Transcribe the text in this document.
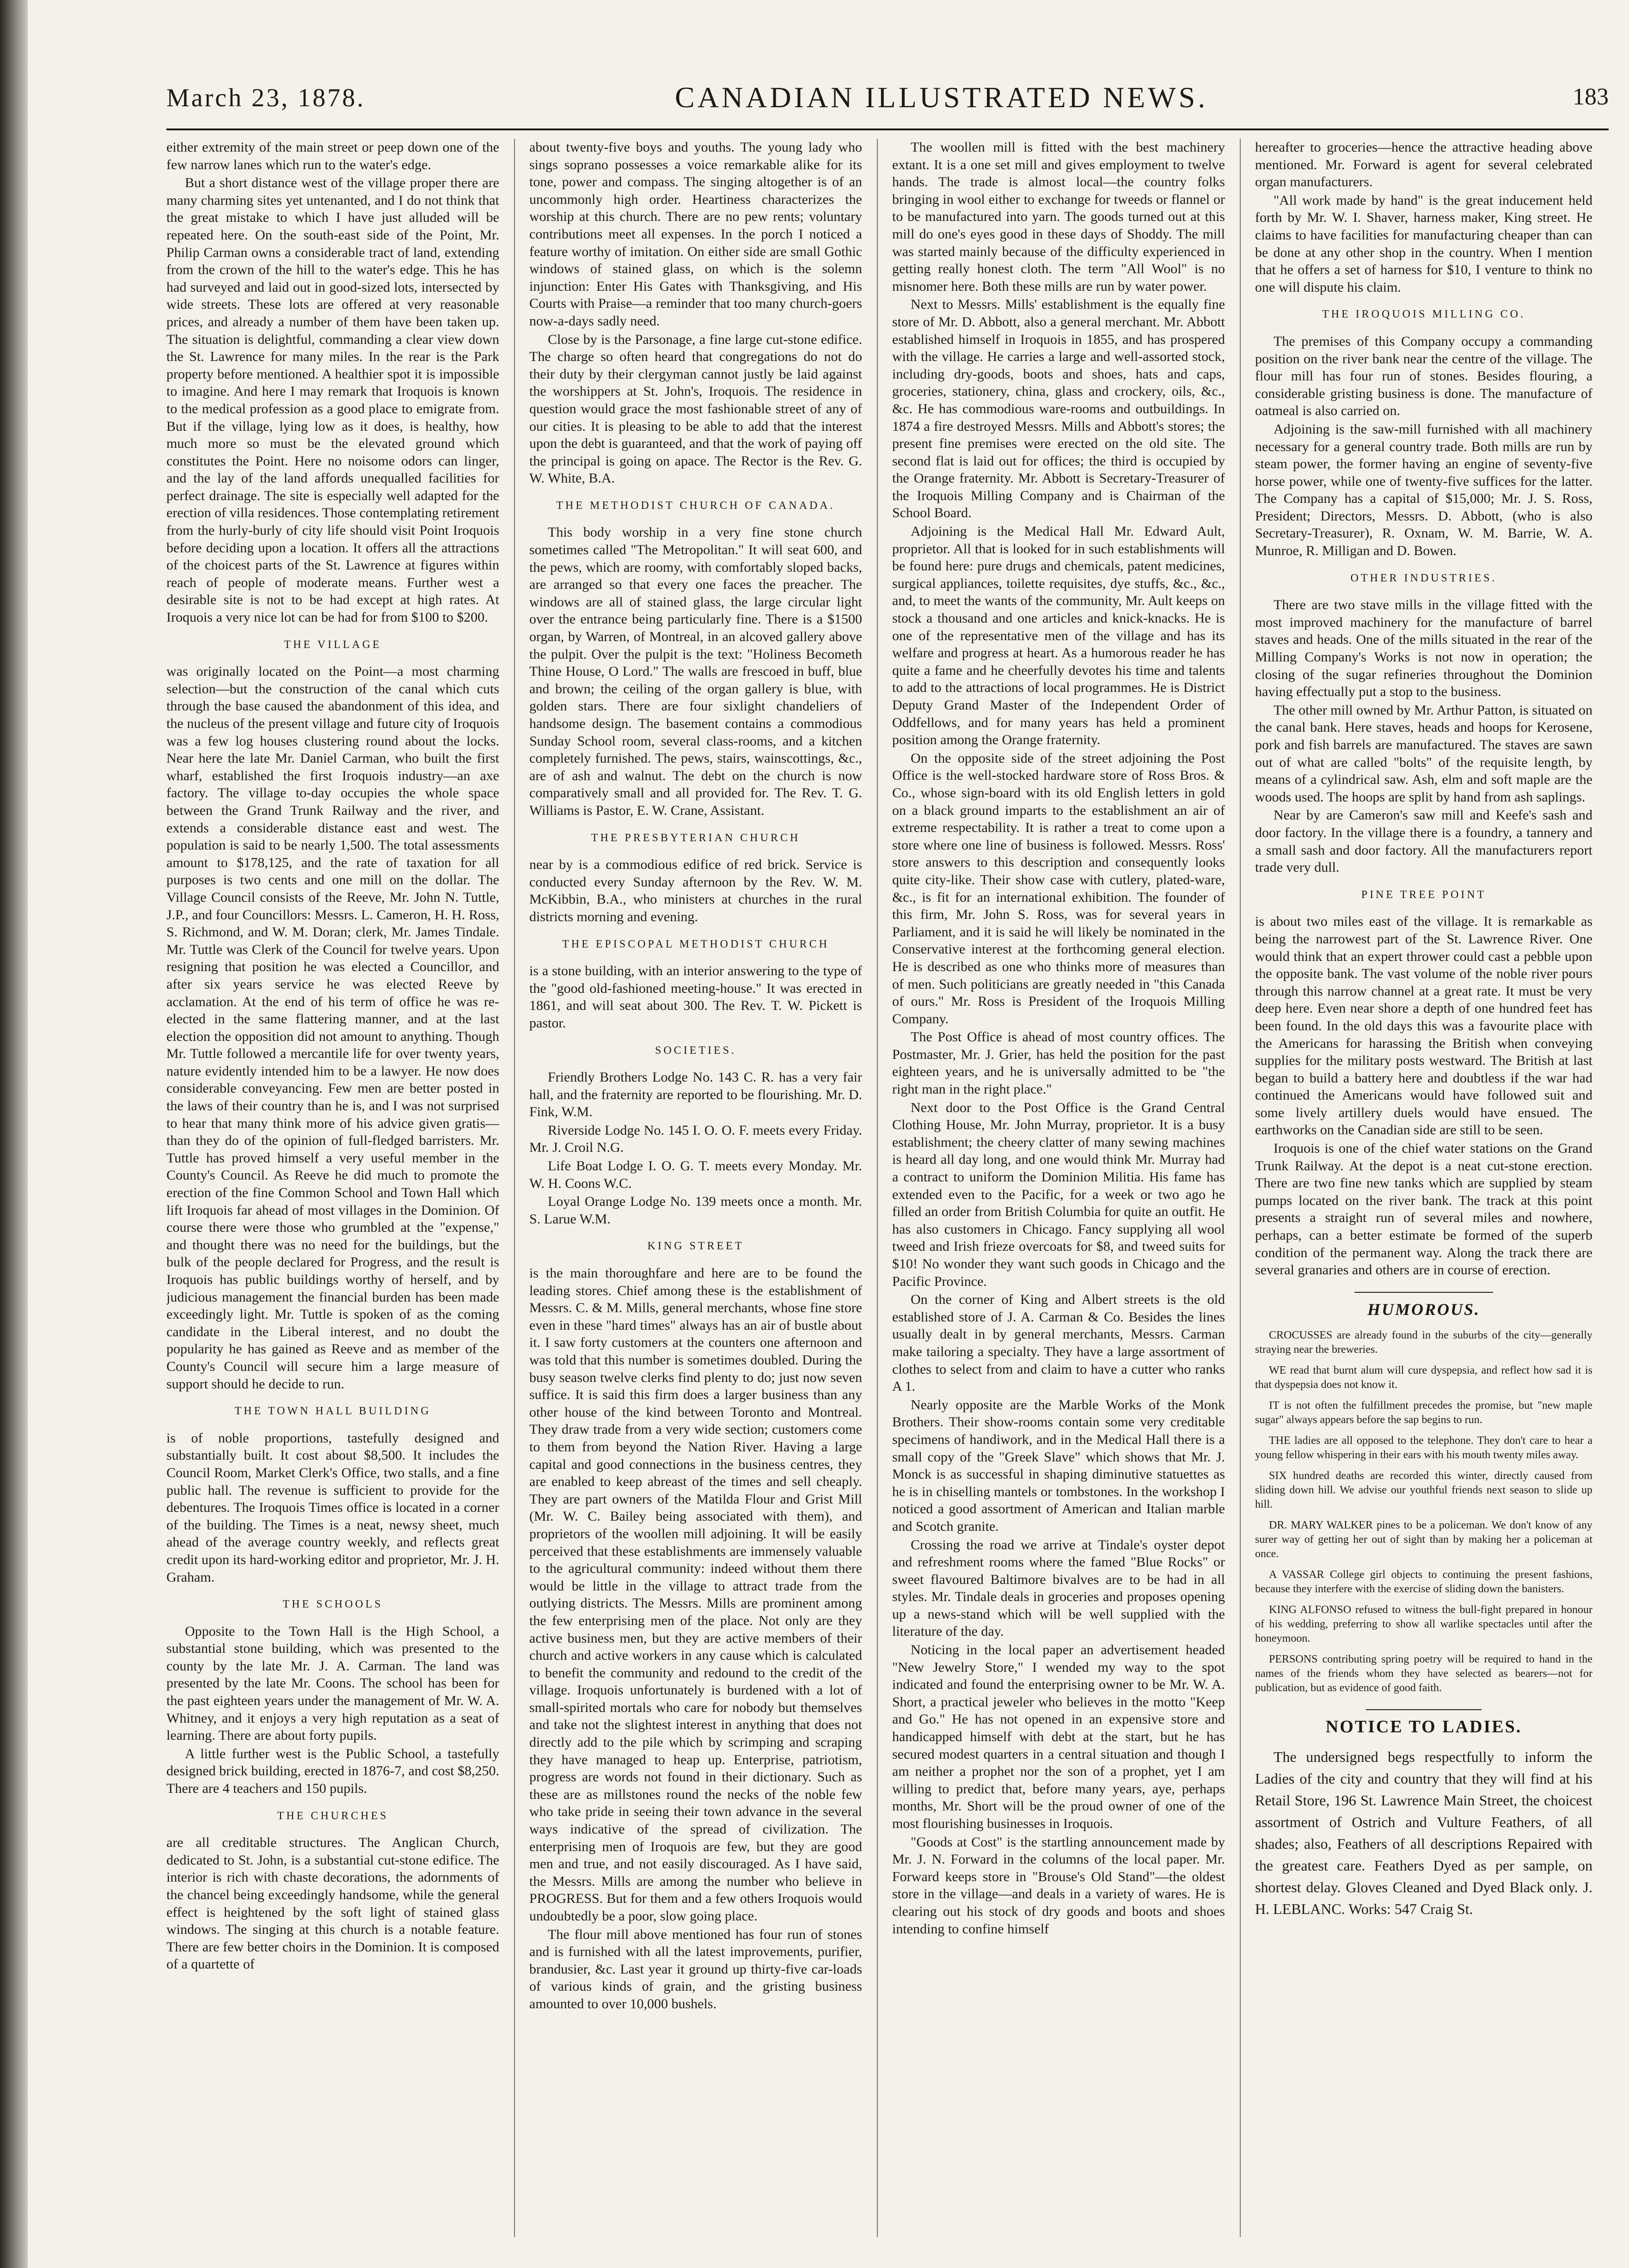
March 23, 1878.	CANADIAN ILLUSTRATED NEWS.	183

either extremity of the main street or peep down one of the few narrow lanes which run to the water's edge.

But a short distance west of the village proper there are many charming sites yet untenanted, and I do not think that the great mistake to which I have just alluded will be repeated here. On the south-east side of the Point, Mr. Philip Carman owns a considerable tract of land, extending from the crown of the hill to the water's edge. This he has had surveyed and laid out in good-sized lots, intersected by wide streets. These lots are offered at very reasonable prices, and already a number of them have been taken up. The situation is delightful, commanding a clear view down the St. Lawrence for many miles. In the rear is the Park property before mentioned. A healthier spot it is impossible to imagine. And here I may remark that Iroquois is known to the medical profession as a good place to emigrate from. But if the village, lying low as it does, is healthy, how much more so must be the elevated ground which constitutes the Point. Here no noisome odors can linger, and the lay of the land affords unequalled facilities for perfect drainage. The site is especially well adapted for the erection of villa residences. Those contemplating retirement from the hurly-burly of city life should visit Point Iroquois before deciding upon a location. It offers all the attractions of the choicest parts of the St. Lawrence at figures within reach of people of moderate means. Further west a desirable site is not to be had except at high rates. At Iroquois a very nice lot can be had for from $100 to $200.

THE VILLAGE

was originally located on the Point—a most charming selection—but the construction of the canal which cuts through the base caused the abandonment of this idea, and the nucleus of the present village and future city of Iroquois was a few log houses clustering round about the locks. Near here the late Mr. Daniel Carman, who built the first wharf, established the first Iroquois industry—an axe factory. The village to-day occupies the whole space between the Grand Trunk Railway and the river, and extends a considerable distance east and west. The population is said to be nearly 1,500. The total assessments amount to $178,125, and the rate of taxation for all purposes is two cents and one mill on the dollar. The Village Council consists of the Reeve, Mr. John N. Tuttle, J.P., and four Councillors: Messrs. L. Cameron, H. H. Ross, S. Richmond, and W. M. Doran; clerk, Mr. James Tindale. Mr. Tuttle was Clerk of the Council for twelve years. Upon resigning that position he was elected a Councillor, and after six years service he was elected Reeve by acclamation. At the end of his term of office he was re-elected in the same flattering manner, and at the last election the opposition did not amount to anything. Though Mr. Tuttle followed a mercantile life for over twenty years, nature evidently intended him to be a lawyer. He now does considerable conveyancing. Few men are better posted in the laws of their country than he is, and I was not surprised to hear that many think more of his advice given gratis—than they do of the opinion of full-fledged barristers. Mr. Tuttle has proved himself a very useful member in the County's Council. As Reeve he did much to promote the erection of the fine Common School and Town Hall which lift Iroquois far ahead of most villages in the Dominion. Of course there were those who grumbled at the "expense," and thought there was no need for the buildings, but the bulk of the people declared for Progress, and the result is Iroquois has public buildings worthy of herself, and by judicious management the financial burden has been made exceedingly light. Mr. Tuttle is spoken of as the coming candidate in the Liberal interest, and no doubt the popularity he has gained as Reeve and as member of the County's Council will secure him a large measure of support should he decide to run.

THE TOWN HALL BUILDING

is of noble proportions, tastefully designed and substantially built. It cost about $8,500. It includes the Council Room, Market Clerk's Office, two stalls, and a fine public hall. The revenue is sufficient to provide for the debentures. The Iroquois Times office is located in a corner of the building. The Times is a neat, newsy sheet, much ahead of the average country weekly, and reflects great credit upon its hard-working editor and proprietor, Mr. J. H. Graham.

THE SCHOOLS

Opposite to the Town Hall is the High School, a substantial stone building, which was presented to the county by the late Mr. J. A. Carman. The land was presented by the late Mr. Coons. The school has been for the past eighteen years under the management of Mr. W. A. Whitney, and it enjoys a very high reputation as a seat of learning. There are about forty pupils.

A little further west is the Public School, a tastefully designed brick building, erected in 1876-7, and cost $8,250. There are 4 teachers and 150 pupils.

THE CHURCHES

are all creditable structures. The Anglican Church, dedicated to St. John, is a substantial cut-stone edifice. The interior is rich with chaste decorations, the adornments of the chancel being exceedingly handsome, while the general effect is heightened by the soft light of stained glass windows. The singing at this church is a notable feature. There are few better choirs in the Dominion. It is composed of a quartette of

about twenty-five boys and youths. The young lady who sings soprano possesses a voice remarkable alike for its tone, power and compass. The singing altogether is of an uncommonly high order. Heartiness characterizes the worship at this church. There are no pew rents; voluntary contributions meet all expenses. In the porch I noticed a feature worthy of imitation. On either side are small Gothic windows of stained glass, on which is the solemn injunction: Enter His Gates with Thanksgiving, and His Courts with Praise—a reminder that too many church-goers now-a-days sadly need.

Close by is the Parsonage, a fine large cut-stone edifice. The charge so often heard that congregations do not do their duty by their clergyman cannot justly be laid against the worshippers at St. John's, Iroquois. The residence in question would grace the most fashionable street of any of our cities. It is pleasing to be able to add that the interest upon the debt is guaranteed, and that the work of paying off the principal is going on apace. The Rector is the Rev. G. W. White, B.A.

THE METHODIST CHURCH OF CANADA.

This body worship in a very fine stone church sometimes called "The Metropolitan." It will seat 600, and the pews, which are roomy, with comfortably sloped backs, are arranged so that every one faces the preacher. The windows are all of stained glass, the large circular light over the entrance being particularly fine. There is a $1500 organ, by Warren, of Montreal, in an alcoved gallery above the pulpit. Over the pulpit is the text: "Holiness Becometh Thine House, O Lord." The walls are frescoed in buff, blue and brown; the ceiling of the organ gallery is blue, with golden stars. There are four sixlight chandeliers of handsome design. The basement contains a commodious Sunday School room, several class-rooms, and a kitchen completely furnished. The pews, stairs, wainscottings, &c., are of ash and walnut. The debt on the church is now comparatively small and all provided for. The Rev. T. G. Williams is Pastor, E. W. Crane, Assistant.

THE PRESBYTERIAN CHURCH

near by is a commodious edifice of red brick. Service is conducted every Sunday afternoon by the Rev. W. M. McKibbin, B.A., who ministers at churches in the rural districts morning and evening.

THE EPISCOPAL METHODIST CHURCH

is a stone building, with an interior answering to the type of the "good old-fashioned meeting-house." It was erected in 1861, and will seat about 300. The Rev. T. W. Pickett is pastor.

SOCIETIES.

Friendly Brothers Lodge No. 143 C. R. has a very fair hall, and the fraternity are reported to be flourishing. Mr. D. Fink, W.M.

Riverside Lodge No. 145 I. O. O. F. meets every Friday. Mr. J. Croil N.G.

Life Boat Lodge I. O. G. T. meets every Monday. Mr. W. H. Coons W.C.

Loyal Orange Lodge No. 139 meets once a month. Mr. S. Larue W.M.

KING STREET

is the main thoroughfare and here are to be found the leading stores. Chief among these is the establishment of Messrs. C. & M. Mills, general merchants, whose fine store even in these "hard times" always has an air of bustle about it. I saw forty customers at the counters one afternoon and was told that this number is sometimes doubled. During the busy season twelve clerks find plenty to do; just now seven suffice. It is said this firm does a larger business than any other house of the kind between Toronto and Montreal. They draw trade from a very wide section; customers come to them from beyond the Nation River. Having a large capital and good connections in the business centres, they are enabled to keep abreast of the times and sell cheaply. They are part owners of the Matilda Flour and Grist Mill (Mr. W. C. Bailey being associated with them), and proprietors of the woollen mill adjoining. It will be easily perceived that these establishments are immensely valuable to the agricultural community: indeed without them there would be little in the village to attract trade from the outlying districts. The Messrs. Mills are prominent among the few enterprising men of the place. Not only are they active business men, but they are active members of their church and active workers in any cause which is calculated to benefit the community and redound to the credit of the village. Iroquois unfortunately is burdened with a lot of small-spirited mortals who care for nobody but themselves and take not the slightest interest in anything that does not directly add to the pile which by scrimping and scraping they have managed to heap up. Enterprise, patriotism, progress are words not found in their dictionary. Such as these are as millstones round the necks of the noble few who take pride in seeing their town advance in the several ways indicative of the spread of civilization. The enterprising men of Iroquois are few, but they are good men and true, and not easily discouraged. As I have said, the Messrs. Mills are among the number who believe in PROGRESS. But for them and a few others Iroquois would undoubtedly be a poor, slow going place.

The flour mill above mentioned has four run of stones and is furnished with all the latest improvements, purifier, brandusier, &c. Last year it ground up thirty-five car-loads of various kinds of grain, and the gristing business amounted to over 10,000 bushels.

The woollen mill is fitted with the best machinery extant. It is a one set mill and gives employment to twelve hands. The trade is almost local—the country folks bringing in wool either to exchange for tweeds or flannel or to be manufactured into yarn. The goods turned out at this mill do one's eyes good in these days of Shoddy. The mill was started mainly because of the difficulty experienced in getting really honest cloth. The term "All Wool" is no misnomer here. Both these mills are run by water power.

Next to Messrs. Mills' establishment is the equally fine store of Mr. D. Abbott, also a general merchant. Mr. Abbott established himself in Iroquois in 1855, and has prospered with the village. He carries a large and well-assorted stock, including dry-goods, boots and shoes, hats and caps, groceries, stationery, china, glass and crockery, oils, &c., &c. He has commodious ware-rooms and outbuildings. In 1874 a fire destroyed Messrs. Mills and Abbott's stores; the present fine premises were erected on the old site. The second flat is laid out for offices; the third is occupied by the Orange fraternity. Mr. Abbott is Secretary-Treasurer of the Iroquois Milling Company and is Chairman of the School Board.

Adjoining is the Medical Hall Mr. Edward Ault, proprietor. All that is looked for in such establishments will be found here: pure drugs and chemicals, patent medicines, surgical appliances, toilette requisites, dye stuffs, &c., &c., and, to meet the wants of the community, Mr. Ault keeps on stock a thousand and one articles and knick-knacks. He is one of the representative men of the village and has its welfare and progress at heart. As a humorous reader he has quite a fame and he cheerfully devotes his time and talents to add to the attractions of local programmes. He is District Deputy Grand Master of the Independent Order of Oddfellows, and for many years has held a prominent position among the Orange fraternity.

On the opposite side of the street adjoining the Post Office is the well-stocked hardware store of Ross Bros. & Co., whose sign-board with its old English letters in gold on a black ground imparts to the establishment an air of extreme respectability. It is rather a treat to come upon a store where one line of business is followed. Messrs. Ross' store answers to this description and consequently looks quite city-like. Their show case with cutlery, plated-ware, &c., is fit for an international exhibition. The founder of this firm, Mr. John S. Ross, was for several years in Parliament, and it is said he will likely be nominated in the Conservative interest at the forthcoming general election. He is described as one who thinks more of measures than of men. Such politicians are greatly needed in "this Canada of ours." Mr. Ross is President of the Iroquois Milling Company.

The Post Office is ahead of most country offices. The Postmaster, Mr. J. Grier, has held the position for the past eighteen years, and he is universally admitted to be "the right man in the right place."

Next door to the Post Office is the Grand Central Clothing House, Mr. John Murray, proprietor. It is a busy establishment; the cheery clatter of many sewing machines is heard all day long, and one would think Mr. Murray had a contract to uniform the Dominion Militia. His fame has extended even to the Pacific, for a week or two ago he filled an order from British Columbia for quite an outfit. He has also customers in Chicago. Fancy supplying all wool tweed and Irish frieze overcoats for $8, and tweed suits for $10! No wonder they want such goods in Chicago and the Pacific Province.

On the corner of King and Albert streets is the old established store of J. A. Carman & Co. Besides the lines usually dealt in by general merchants, Messrs. Carman make tailoring a specialty. They have a large assortment of clothes to select from and claim to have a cutter who ranks A 1.

Nearly opposite are the Marble Works of the Monk Brothers. Their show-rooms contain some very creditable specimens of handiwork, and in the Medical Hall there is a small copy of the "Greek Slave" which shows that Mr. J. Monck is as successful in shaping diminutive statuettes as he is in chiselling mantels or tombstones. In the workshop I noticed a good assortment of American and Italian marble and Scotch granite.

Crossing the road we arrive at Tindale's oyster depot and refreshment rooms where the famed "Blue Rocks" or sweet flavoured Baltimore bivalves are to be had in all styles. Mr. Tindale deals in groceries and proposes opening up a news-stand which will be well supplied with the literature of the day.

Noticing in the local paper an advertisement headed "New Jewelry Store," I wended my way to the spot indicated and found the enterprising owner to be Mr. W. A. Short, a practical jeweler who believes in the motto "Keep and Go." He has not opened in an expensive store and handicapped himself with debt at the start, but he has secured modest quarters in a central situation and though I am neither a prophet nor the son of a prophet, yet I am willing to predict that, before many years, aye, perhaps months, Mr. Short will be the proud owner of one of the most flourishing businesses in Iroquois.

"Goods at Cost" is the startling announcement made by Mr. J. N. Forward in the columns of the local paper. Mr. Forward keeps store in "Brouse's Old Stand"—the oldest store in the village—and deals in a variety of wares. He is clearing out his stock of dry goods and boots and shoes intending to confine himself

hereafter to groceries—hence the attractive heading above mentioned. Mr. Forward is agent for several celebrated organ manufacturers.

"All work made by hand" is the great inducement held forth by Mr. W. I. Shaver, harness maker, King street. He claims to have facilities for manufacturing cheaper than can be done at any other shop in the country. When I mention that he offers a set of harness for $10, I venture to think no one will dispute his claim.

THE IROQUOIS MILLING CO.

The premises of this Company occupy a commanding position on the river bank near the centre of the village. The flour mill has four run of stones. Besides flouring, a considerable gristing business is done. The manufacture of oatmeal is also carried on.

Adjoining is the saw-mill furnished with all machinery necessary for a general country trade. Both mills are run by steam power, the former having an engine of seventy-five horse power, while one of twenty-five suffices for the latter. The Company has a capital of $15,000; Mr. J. S. Ross, President; Directors, Messrs. D. Abbott, (who is also Secretary-Treasurer), R. Oxnam, W. M. Barrie, W. A. Munroe, R. Milligan and D. Bowen.

OTHER INDUSTRIES.

There are two stave mills in the village fitted with the most improved machinery for the manufacture of barrel staves and heads. One of the mills situated in the rear of the Milling Company's Works is not now in operation; the closing of the sugar refineries throughout the Dominion having effectually put a stop to the business.

The other mill owned by Mr. Arthur Patton, is situated on the canal bank. Here staves, heads and hoops for Kerosene, pork and fish barrels are manufactured. The staves are sawn out of what are called "bolts" of the requisite length, by means of a cylindrical saw. Ash, elm and soft maple are the woods used. The hoops are split by hand from ash saplings.

Near by are Cameron's saw mill and Keefe's sash and door factory. In the village there is a foundry, a tannery and a small sash and door factory. All the manufacturers report trade very dull.

PINE TREE POINT

is about two miles east of the village. It is remarkable as being the narrowest part of the St. Lawrence River. One would think that an expert thrower could cast a pebble upon the opposite bank. The vast volume of the noble river pours through this narrow channel at a great rate. It must be very deep here. Even near shore a depth of one hundred feet has been found. In the old days this was a favourite place with the Americans for harassing the British when conveying supplies for the military posts westward. The British at last began to build a battery here and doubtless if the war had continued the Americans would have followed suit and some lively artillery duels would have ensued. The earthworks on the Canadian side are still to be seen.

Iroquois is one of the chief water stations on the Grand Trunk Railway. At the depot is a neat cut-stone erection. There are two fine new tanks which are supplied by steam pumps located on the river bank. The track at this point presents a straight run of several miles and nowhere, perhaps, can a better estimate be formed of the superb condition of the permanent way. Along the track there are several granaries and others are in course of erection.

HUMOROUS.

CROCUSSES are already found in the suburbs of the city—generally straying near the breweries.

WE read that burnt alum will cure dyspepsia, and reflect how sad it is that dyspepsia does not know it.

IT is not often the fulfillment precedes the promise, but "new maple sugar" always appears before the sap begins to run.

THE ladies are all opposed to the telephone. They don't care to hear a young fellow whispering in their ears with his mouth twenty miles away.

SIX hundred deaths are recorded this winter, directly caused from sliding down hill. We advise our youthful friends next season to slide up hill.

DR. MARY WALKER pines to be a policeman. We don't know of any surer way of getting her out of sight than by making her a policeman at once.

A VASSAR College girl objects to continuing the present fashions, because they interfere with the exercise of sliding down the banisters.

KING ALFONSO refused to witness the bull-fight prepared in honour of his wedding, preferring to show all warlike spectacles until after the honeymoon.

PERSONS contributing spring poetry will be required to hand in the names of the friends whom they have selected as bearers—not for publication, but as evidence of good faith.

NOTICE TO LADIES.

The undersigned begs respectfully to inform the Ladies of the city and country that they will find at his Retail Store, 196 St. Lawrence Main Street, the choicest assortment of Ostrich and Vulture Feathers, of all shades; also, Feathers of all descriptions Repaired with the greatest care. Feathers Dyed as per sample, on shortest delay. Gloves Cleaned and Dyed Black only. J. H. LEBLANC. Works: 547 Craig St.
